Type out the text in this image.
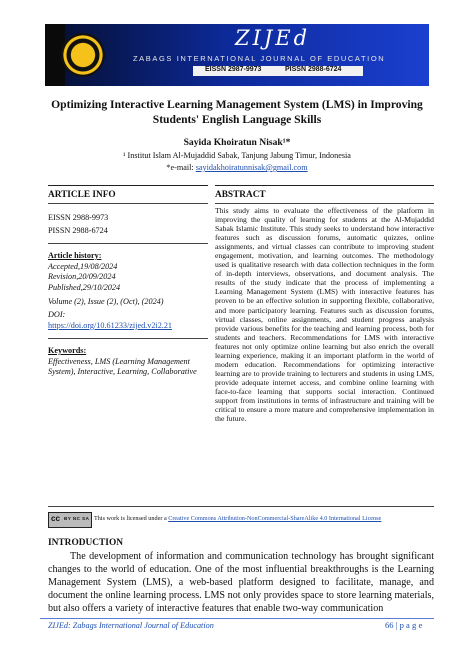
ZIJEd
ZABAGS INTERNATIONAL JOURNAL OF EDUCATION
EISSN 2987-9973	PISSN 2988-6724
Optimizing Interactive Learning Management System (LMS) in Improving Students' English Language Skills
Sayida Khoiratun Nisak¹*
¹ Institut Islam Al-Mujaddid Sabak, Tanjung Jabung Timur, Indonesia
*e-mail: sayidakhoiratunnisak@gmail.com
ARTICLE INFO	ABSTRACT
EISSN 2988-9973
PISSN 2988-6724
Article history:
Accepted,19/08/2024
Revision,20/09/2024
Published,29/10/2024
Volume (2), Issue (2), (Oct), (2024)
DOI:
https://doi.org/10.61233/zijed.v2i2.21
Keywords:
Effectiveness, LMS (Learning Management System), Interactive, Learning, Collaborative
This study aims to evaluate the effectiveness of the platform in improving the quality of learning for students at the Al-Mujaddid Sabak Islamic Institute. This study seeks to understand how interactive features such as discussion forums, automatic quizzes, online assignments, and virtual classes can contribute to improving student engagement, motivation, and learning outcomes. The methodology used is qualitative research with data collection techniques in the form of in-depth interviews, observations, and document analysis. The results of the study indicate that the process of implementing a Learning Management System (LMS) with interactive features has proven to be an effective solution in supporting flexible, collaborative, and more participatory learning. Features such as discussion forums, virtual classes, online assignments, and student progress analysis provide various benefits for the teaching and learning process, both for students and teachers. Recommendations for LMS with interactive features not only optimize online learning but also enrich the overall learning experience, making it an important platform in the world of modern education. Recommendations for optimizing interactive learning are to provide training to lecturers and students in using LMS, provide adequate internet access, and combine online learning with face-to-face learning that supports social interaction. Continued support from institutions in terms of infrastructure and training will be critical to ensure a more mature and comprehensive implementation in the future.
cc BY NC SA This work is licensed under a Creative Commons Attribution-NonCommercial-ShareAlike 4.0 International License
INTRODUCTION
The development of information and communication technology has brought significant changes to the world of education. One of the most influential breakthroughs is the Learning Management System (LMS), a web-based platform designed to facilitate, manage, and document the online learning process. LMS not only provides space to store learning materials, but also offers a variety of interactive features that enable two-way communication
ZIJEd: Zabags International Journal of Education	66 | p a g e
